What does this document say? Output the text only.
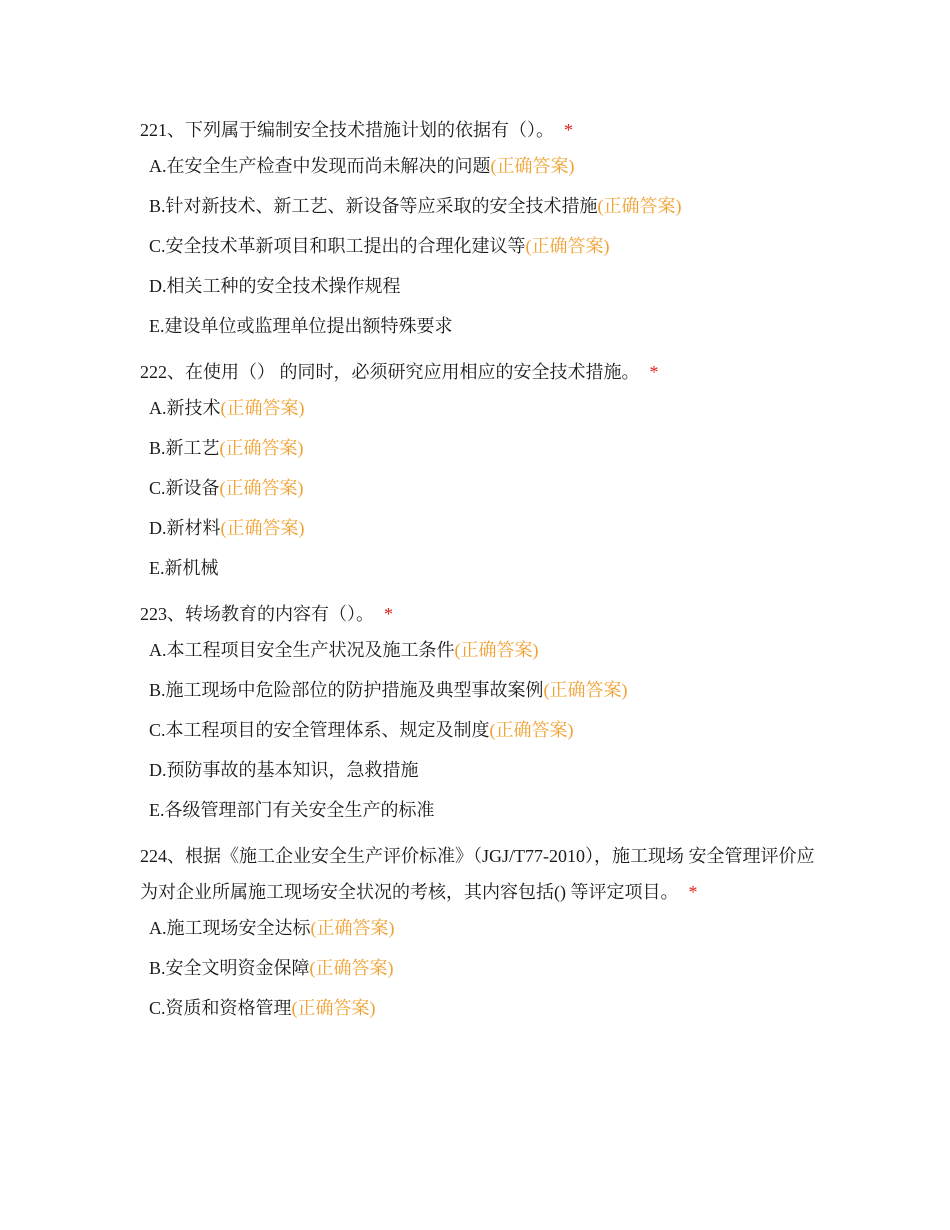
221、下列属于编制安全技术措施计划的依据有（）。 *
A.在安全生产检查中发现而尚未解决的问题(正确答案)
B.针对新技术、新工艺、新设备等应采取的安全技术措施(正确答案)
C.安全技术革新项目和职工提出的合理化建议等(正确答案)
D.相关工种的安全技术操作规程
E.建设单位或监理单位提出额特殊要求
222、在使用（） 的同时，必须研究应用相应的安全技术措施。 *
A.新技术(正确答案)
B.新工艺(正确答案)
C.新设备(正确答案)
D.新材料(正确答案)
E.新机械
223、转场教育的内容有（）。 *
A.本工程项目安全生产状况及施工条件(正确答案)
B.施工现场中危险部位的防护措施及典型事故案例(正确答案)
C.本工程项目的安全管理体系、规定及制度(正确答案)
D.预防事故的基本知识，急救措施
E.各级管理部门有关安全生产的标准
224、根据《施工企业安全生产评价标准》（JGJ/T77-2010），施工现场 安全管理评价应为对企业所属施工现场安全状况的考核，其内容包括() 等评定项目。 *
A.施工现场安全达标(正确答案)
B.安全文明资金保障(正确答案)
C.资质和资格管理(正确答案)
